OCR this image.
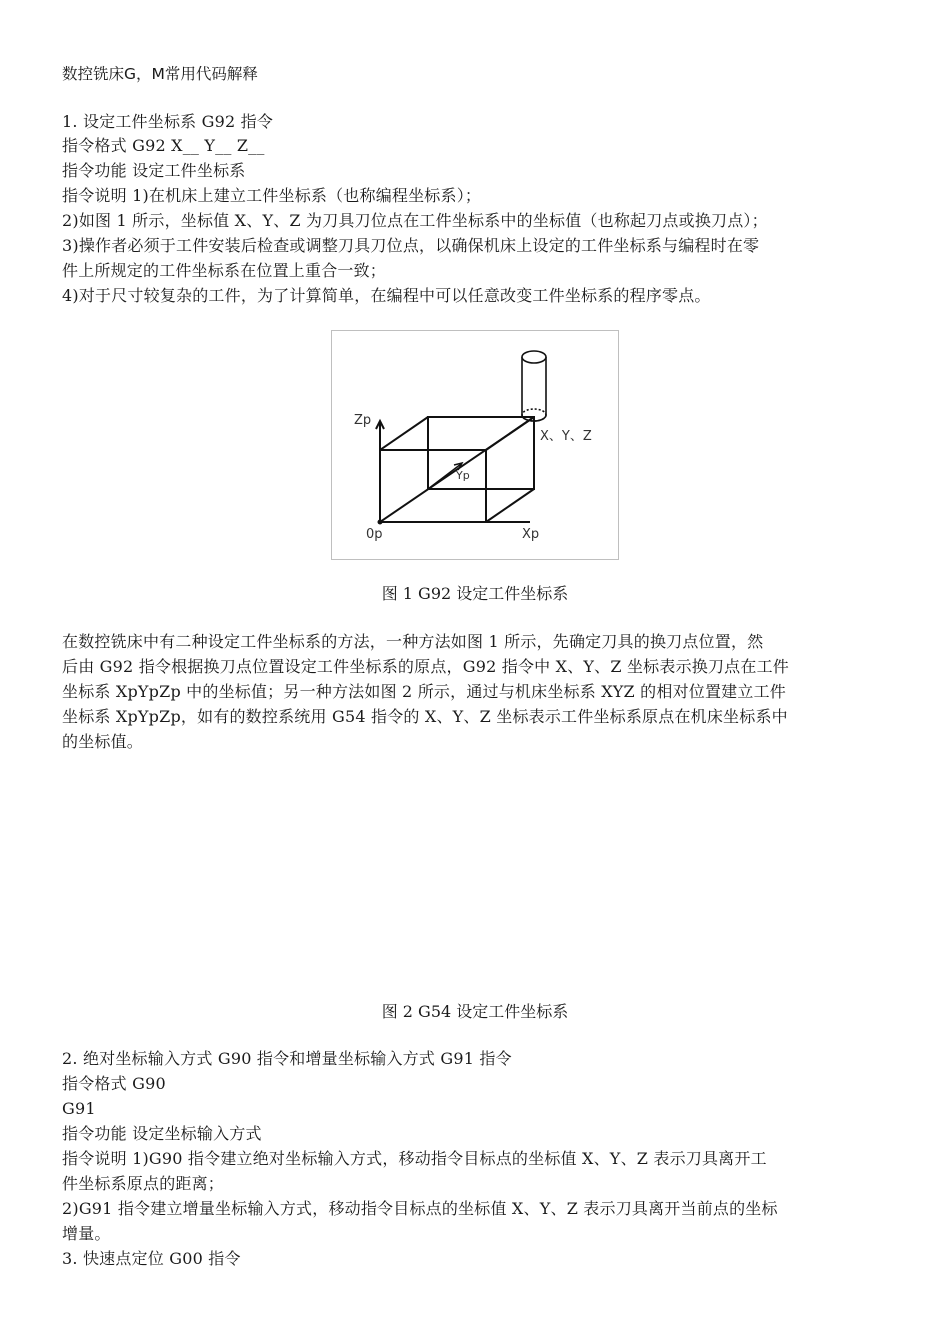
数控铣床G，M常用代码解释
1. 设定工件坐标系 G92 指令
指令格式 G92 X__ Y__ Z__
指令功能 设定工件坐标系
指令说明 1)在机床上建立工件坐标系（也称编程坐标系）；
2)如图 1 所示，坐标值 X、Y、Z 为刀具刀位点在工件坐标系中的坐标值（也称起刀点或换刀点）；
3)操作者必须于工件安装后检查或调整刀具刀位点，以确保机床上设定的工件坐标系与编程时在零
件上所规定的工件坐标系在位置上重合一致；
4)对于尺寸较复杂的工件，为了计算简单，在编程中可以任意改变工件坐标系的程序零点。
Zp
X、Y、Z
Yp
0p	Xp
图 1 G92 设定工件坐标系
在数控铣床中有二种设定工件坐标系的方法，一种方法如图 1 所示，先确定刀具的换刀点位置，然
后由 G92 指令根据换刀点位置设定工件坐标系的原点，G92 指令中 X、Y、Z 坐标表示换刀点在工件
坐标系 XpYpZp 中的坐标值；另一种方法如图 2 所示，通过与机床坐标系 XYZ 的相对位置建立工件
坐标系 XpYpZp，如有的数控系统用 G54 指令的 X、Y、Z 坐标表示工件坐标系原点在机床坐标系中
的坐标值。
图 2 G54 设定工件坐标系
2. 绝对坐标输入方式 G90 指令和增量坐标输入方式 G91 指令
指令格式 G90
G91
指令功能 设定坐标输入方式
指令说明 1)G90 指令建立绝对坐标输入方式，移动指令目标点的坐标值 X、Y、Z 表示刀具离开工
件坐标系原点的距离；
2)G91 指令建立增量坐标输入方式，移动指令目标点的坐标值 X、Y、Z 表示刀具离开当前点的坐标
增量。
3. 快速点定位 G00 指令
